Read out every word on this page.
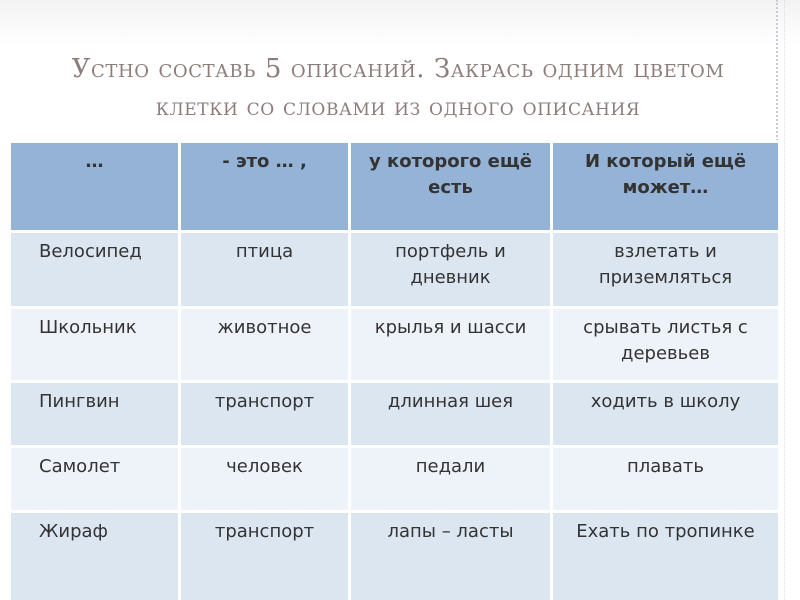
Устно составь 5 описаний. Закрась одним цветом
клетки со словами из одного описания
…	- это … ,	у которого ещё есть	И который ещё может…
Велосипед	птица	портфель и дневник	взлетать и приземляться
Школьник	животное	крылья и шасси	срывать листья с деревьев
Пингвин	транспорт	длинная шея	ходить в школу
Самолет	человек	педали	плавать
Жираф	транспорт	лапы – ласты	Ехать по тропинке
